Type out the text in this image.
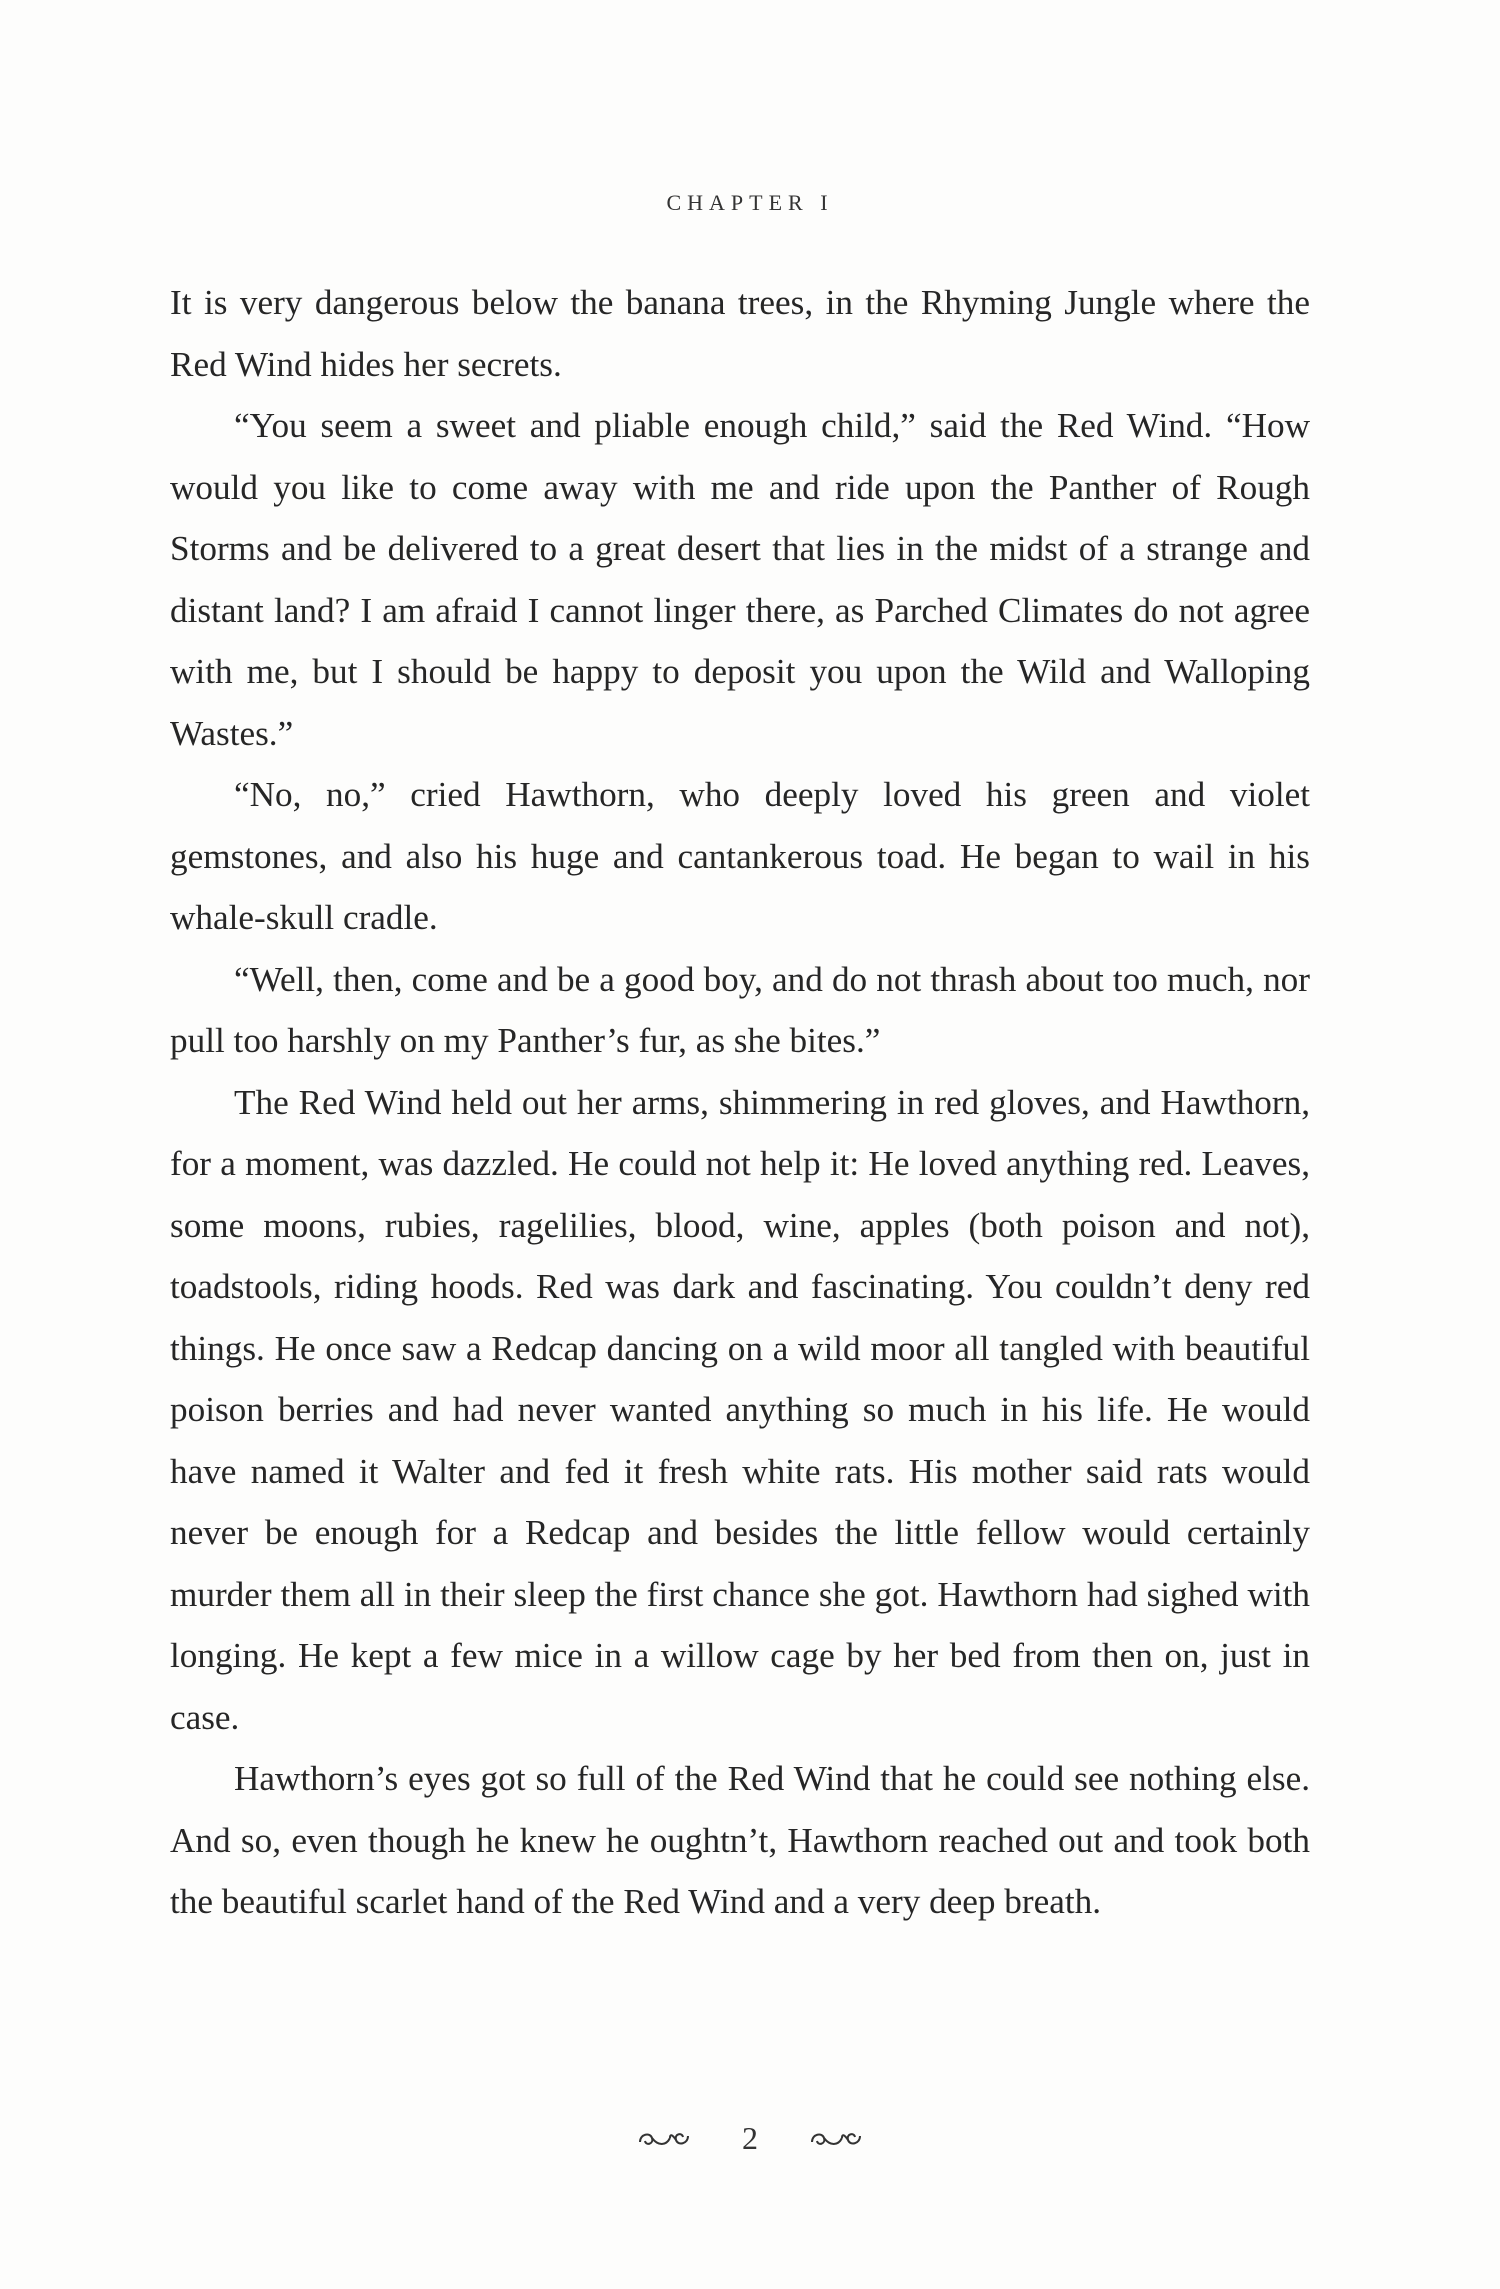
CHAPTER I

It is very dangerous below the banana trees, in the Rhyming Jungle where the Red Wind hides her secrets.

“You seem a sweet and pliable enough child,” said the Red Wind. “How would you like to come away with me and ride upon the Panther of Rough Storms and be delivered to a great desert that lies in the midst of a strange and distant land? I am afraid I cannot linger there, as Parched Climates do not agree with me, but I should be happy to deposit you upon the Wild and Walloping Wastes.”

“No, no,” cried Hawthorn, who deeply loved his green and violet gemstones, and also his huge and cantankerous toad. He began to wail in his whale-skull cradle.

“Well, then, come and be a good boy, and do not thrash about too much, nor pull too harshly on my Panther’s fur, as she bites.”

The Red Wind held out her arms, shimmering in red gloves, and Hawthorn, for a moment, was dazzled. He could not help it: He loved anything red. Leaves, some moons, rubies, ragelilies, blood, wine, apples (both poison and not), toadstools, riding hoods. Red was dark and fascinating. You couldn’t deny red things. He once saw a Redcap dancing on a wild moor all tangled with beautiful poison berries and had never wanted anything so much in his life. He would have named it Walter and fed it fresh white rats. His mother said rats would never be enough for a Redcap and besides the little fellow would certainly murder them all in their sleep the first chance she got. Hawthorn had sighed with longing. He kept a few mice in a willow cage by her bed from then on, just in case.

Hawthorn’s eyes got so full of the Red Wind that he could see nothing else. And so, even though he knew he oughtn’t, Hawthorn reached out and took both the beautiful scarlet hand of the Red Wind and a very deep breath.

2
